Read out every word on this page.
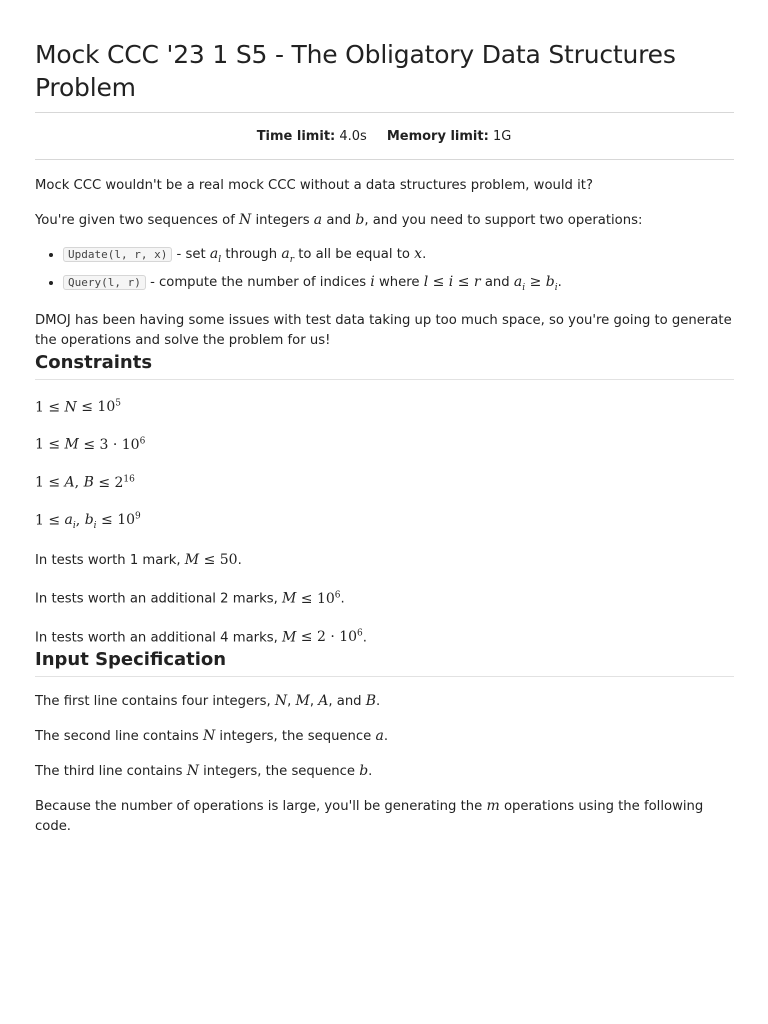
Mock CCC '23 1 S5 - The Obligatory Data Structures Problem
Time limit: 4.0s Memory limit: 1G

Mock CCC wouldn't be a real mock CCC without a data structures problem, would it?

You're given two sequences of N integers a and b, and you need to support two operations:

• Update(l, r, x) - set $a_l$ through $a_r$ to all be equal to x.
• Query(l, r) - compute the number of indices i where l ≤ i ≤ r and $a_i \ge b_i$.

DMOJ has been having some issues with test data taking up too much space, so you're going to generate the operations and solve the problem for us!

Constraints
$1 \le N \le 10^5$
$1 \le M \le 3 \cdot 10^6$
1 ≤ A, $B \le 2^{16}$
$1 \le a_i$, $b_i \le 10^9$
In tests worth 1 mark, M ≤ 50.
In tests worth an additional 2 marks, $M \le 10^6$.
In tests worth an additional 4 marks, $M \le 2 \cdot 10^6$.
Input Specification
The first line contains four integers, N, M, A, and B.
The second line contains N integers, the sequence a.
The third line contains N integers, the sequence b.
Because the number of operations is large, you'll be generating the m operations using the following code.
